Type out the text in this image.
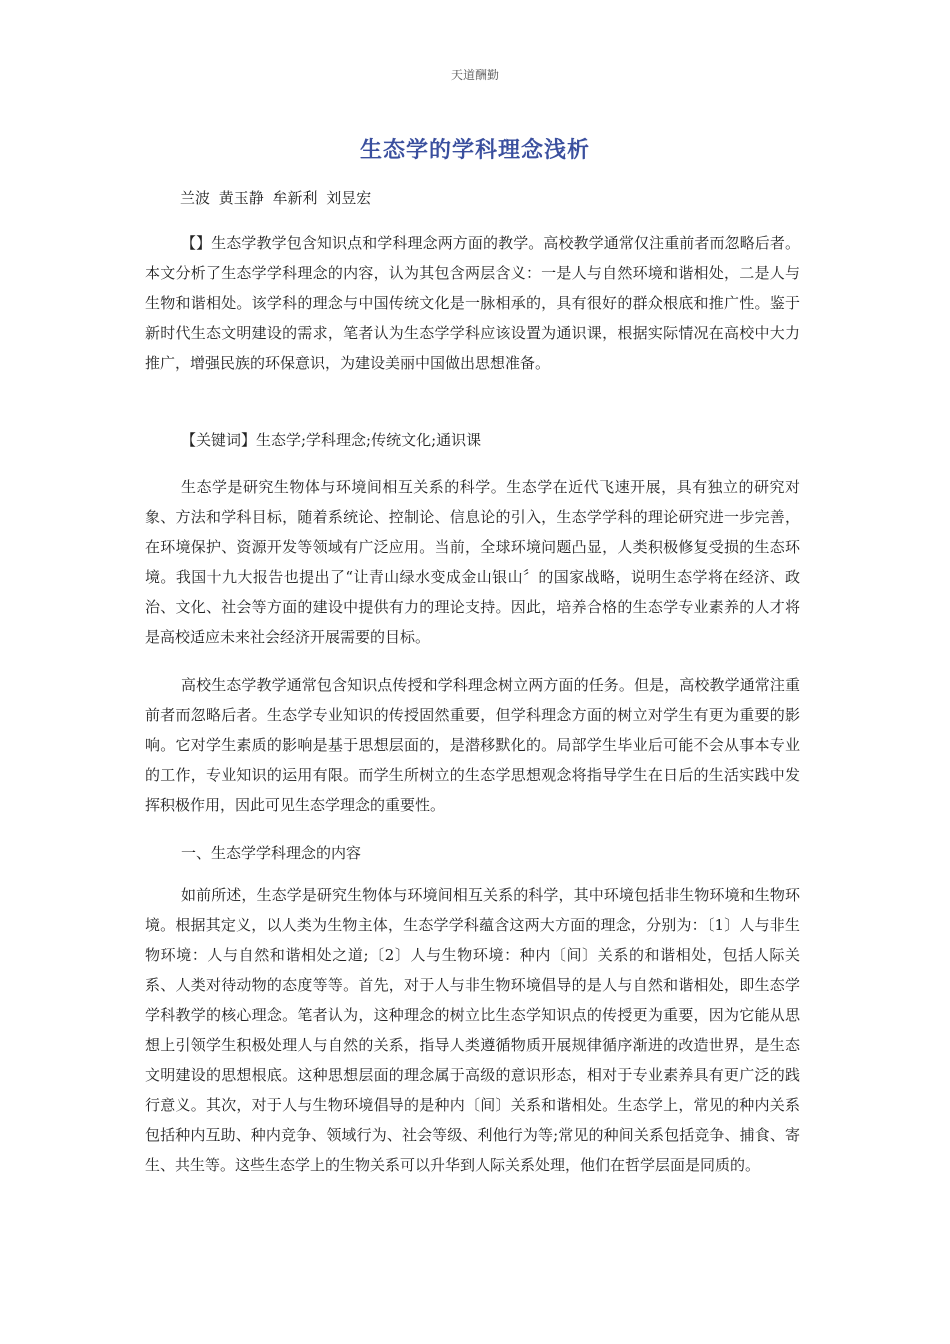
天道酬勤
生态学的学科理念浅析
兰波 黄玉静 牟新利 刘昱宏

【】生态学教学包含知识点和学科理念两方面的教学。高校教学通常仅注重前者而忽略后者。本文分析了生态学学科理念的内容，认为其包含两层含义：一是人与自然环境和谐相处，二是人与生物和谐相处。该学科的理念与中国传统文化是一脉相承的，具有很好的群众根底和推广性。鉴于新时代生态文明建设的需求，笔者认为生态学学科应该设置为通识课，根据实际情况在高校中大力推广，增强民族的环保意识，为建设美丽中国做出思想准备。

【关键词】生态学;学科理念;传统文化;通识课

生态学是研究生物体与环境间相互关系的科学。生态学在近代飞速开展，具有独立的研究对象、方法和学科目标，随着系统论、控制论、信息论的引入，生态学学科的理论研究进一步完善，在环境保护、资源开发等领域有广泛应用。当前，全球环境问题凸显，人类积极修复受损的生态环境。我国十九大报告也提出了“让青山绿水变成金山银山〞的国家战略，说明生态学将在经济、政治、文化、社会等方面的建设中提供有力的理论支持。因此，培养合格的生态学专业素养的人才将是高校适应未来社会经济开展需要的目标。

高校生态学教学通常包含知识点传授和学科理念树立两方面的任务。但是，高校教学通常注重前者而忽略后者。生态学专业知识的传授固然重要，但学科理念方面的树立对学生有更为重要的影响。它对学生素质的影响是基于思想层面的，是潜移默化的。局部学生毕业后可能不会从事本专业的工作，专业知识的运用有限。而学生所树立的生态学思想观念将指导学生在日后的生活实践中发挥积极作用，因此可见生态学理念的重要性。

一、生态学学科理念的内容

如前所述，生态学是研究生物体与环境间相互关系的科学，其中环境包括非生物环境和生物环境。根据其定义，以人类为生物主体，生态学学科蕴含这两大方面的理念，分别为：〔1〕人与非生物环境：人与自然和谐相处之道;〔2〕人与生物环境：种内〔间〕关系的和谐相处，包括人际关系、人类对待动物的态度等等。首先，对于人与非生物环境倡导的是人与自然和谐相处，即生态学学科教学的核心理念。笔者认为，这种理念的树立比生态学知识点的传授更为重要，因为它能从思想上引领学生积极处理人与自然的关系，指导人类遵循物质开展规律循序渐进的改造世界，是生态文明建设的思想根底。这种思想层面的理念属于高级的意识形态，相对于专业素养具有更广泛的践行意义。其次，对于人与生物环境倡导的是种内〔间〕关系和谐相处。生态学上，常见的种内关系包括种内互助、种内竞争、领域行为、社会等级、利他行为等;常见的种间关系包括竞争、捕食、寄生、共生等。这些生态学上的生物关系可以升华到人际关系处理，他们在哲学层面是同质的。
